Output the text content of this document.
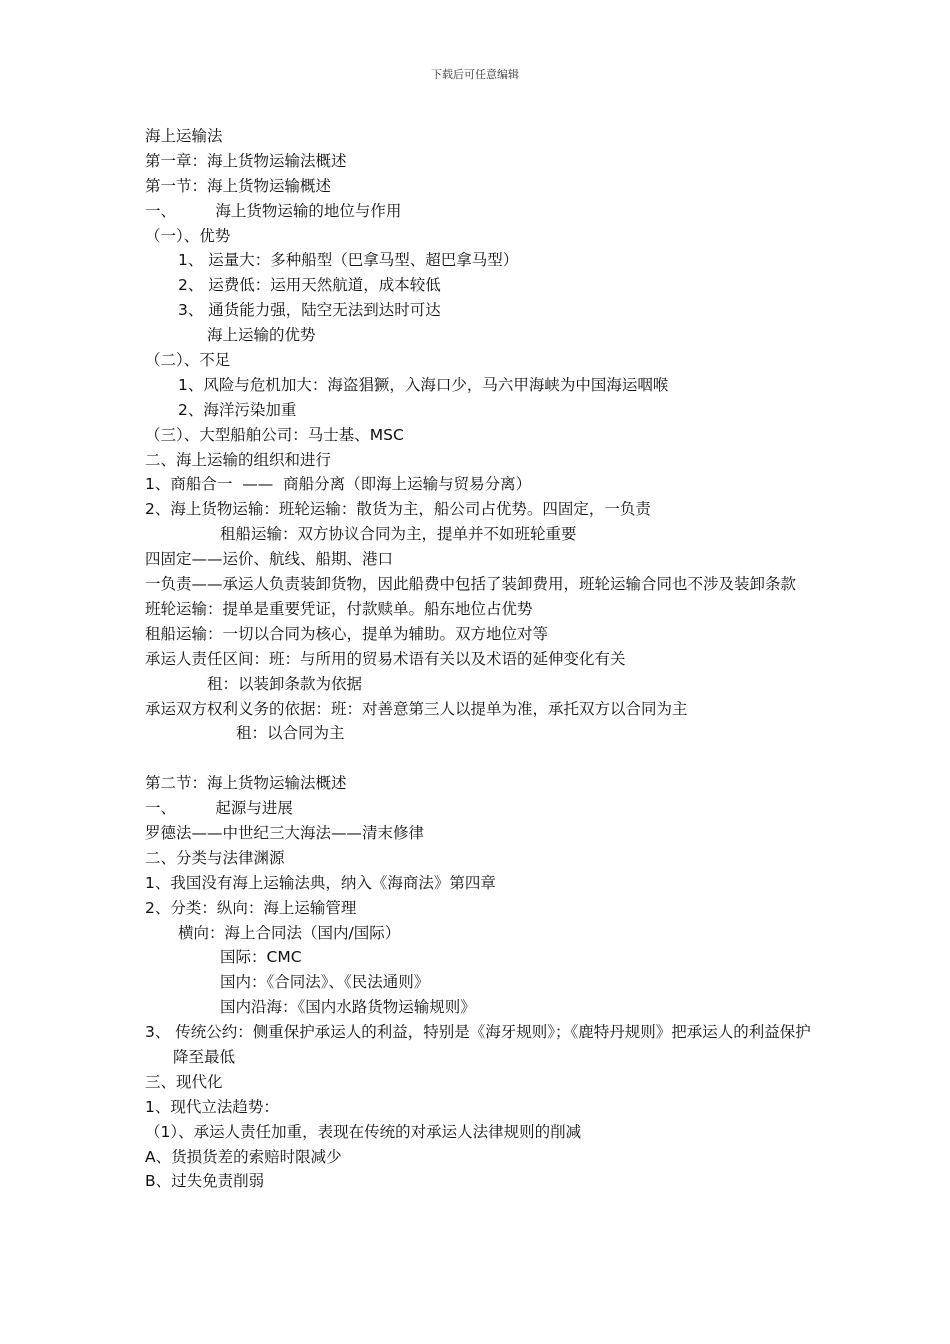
下载后可任意编辑
海上运输法
第一章：海上货物运输法概述
第一节：海上货物运输概述
一、        海上货物运输的地位与作用
（一）、优势
1、 运量大：多种船型（巴拿马型、超巴拿马型）
2、 运费低：运用天然航道，成本较低
3、 通货能力强，陆空无法到达时可达
海上运输的优势
（二）、不足
1、风险与危机加大：海盗猖獗，入海口少，马六甲海峡为中国海运咽喉
2、海洋污染加重
（三）、大型船舶公司：马士基、MSC
二、海上运输的组织和进行
1、商船合一  ——  商船分离（即海上运输与贸易分离）
2、海上货物运输：班轮运输：散货为主，船公司占优势。四固定，一负责
租船运输：双方协议合同为主，提单并不如班轮重要
四固定——运价、航线、船期、港口
一负责——承运人负责装卸货物，因此船费中包括了装卸费用，班轮运输合同也不涉及装卸条款
班轮运输：提单是重要凭证，付款赎单。船东地位占优势
租船运输：一切以合同为核心，提单为辅助。双方地位对等
承运人责任区间：班：与所用的贸易术语有关以及术语的延伸变化有关
租：以装卸条款为依据
承运双方权利义务的依据：班：对善意第三人以提单为准，承托双方以合同为主
租：以合同为主
第二节：海上货物运输法概述
一、        起源与进展
罗德法——中世纪三大海法——清末修律
二、分类与法律渊源
1、我国没有海上运输法典，纳入《海商法》第四章
2、分类：纵向：海上运输管理
横向：海上合同法（国内/国际）
国际：CMC
国内：《合同法》、《民法通则》
国内沿海：《国内水路货物运输规则》
3、 传统公约：侧重保护承运人的利益，特别是《海牙规则》；《鹿特丹规则》把承运人的利益保护降至最低
三、现代化
1、现代立法趋势：
（1）、承运人责任加重，表现在传统的对承运人法律规则的削减
A、货损货差的索赔时限减少
B、过失免责削弱
